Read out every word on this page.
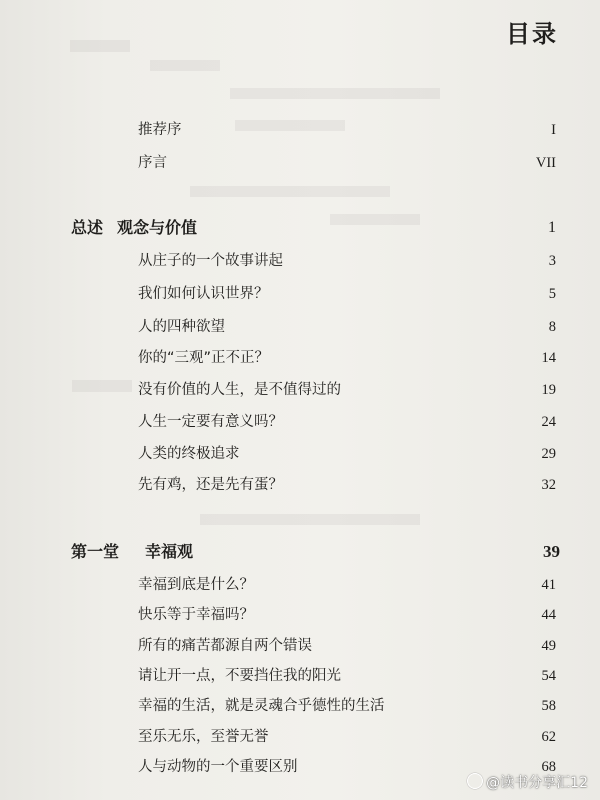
目录
推荐序	I
序言	VII
总述 观念与价值	1
从庄子的一个故事讲起	3
我们如何认识世界？	5
人的四种欲望	8
你的“三观”正不正？	14
没有价值的人生，是不值得过的	19
人生一定要有意义吗？	24
人类的终极追求	29
先有鸡，还是先有蛋？	32
第一堂 幸福观	39
幸福到底是什么？	41
快乐等于幸福吗？	44
所有的痛苦都源自两个错误	49
请让开一点，不要挡住我的阳光	54
幸福的生活，就是灵魂合乎德性的生活	58
至乐无乐，至誉无誉	62
人与动物的一个重要区别	68
@读书分享汇12
